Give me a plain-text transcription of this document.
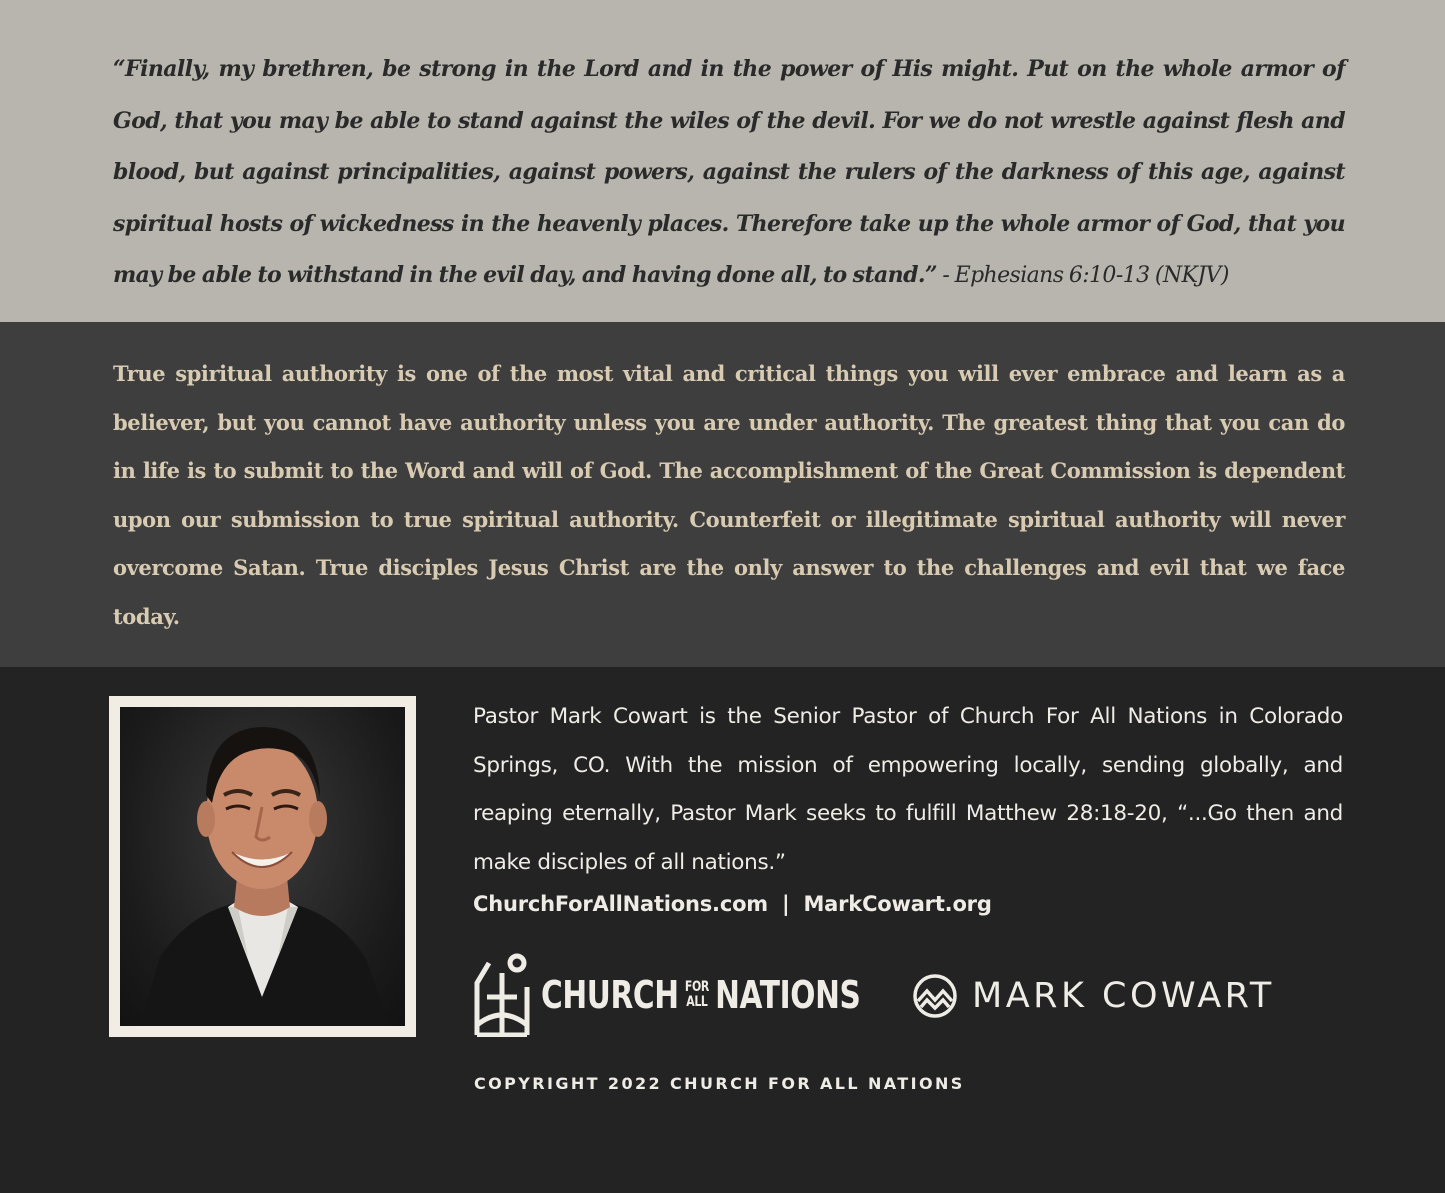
“Finally, my brethren, be strong in the Lord and in the power of His might. Put on the whole armor of God, that you may be able to stand against the wiles of the devil. For we do not wrestle against flesh and blood, but against principalities, against powers, against the rulers of the darkness of this age, against spiritual hosts of wickedness in the heavenly places. Therefore take up the whole armor of God, that you may be able to withstand in the evil day, and having done all, to stand.” - Ephesians 6:10-13 (NKJV)

True spiritual authority is one of the most vital and critical things you will ever embrace and learn as a believer, but you cannot have authority unless you are under authority. The greatest thing that you can do in life is to submit to the Word and will of God. The accomplishment of the Great Commission is dependent upon our submission to true spiritual authority. Counterfeit or illegitimate spiritual authority will never overcome Satan. True disciples Jesus Christ are the only answer to the challenges and evil that we face today.

Pastor Mark Cowart is the Senior Pastor of Church For All Nations in Colorado Springs, CO. With the mission of empowering locally, sending globally, and reaping eternally, Pastor Mark seeks to fulfill Matthew 28:18-20, “...Go then and make disciples of all nations.”

ChurchForAllNations.com | MarkCowart.org
CHURCH FOR
ALL NATIONS	MARK COWART
COPYRIGHT 2022 CHURCH FOR ALL NATIONS
